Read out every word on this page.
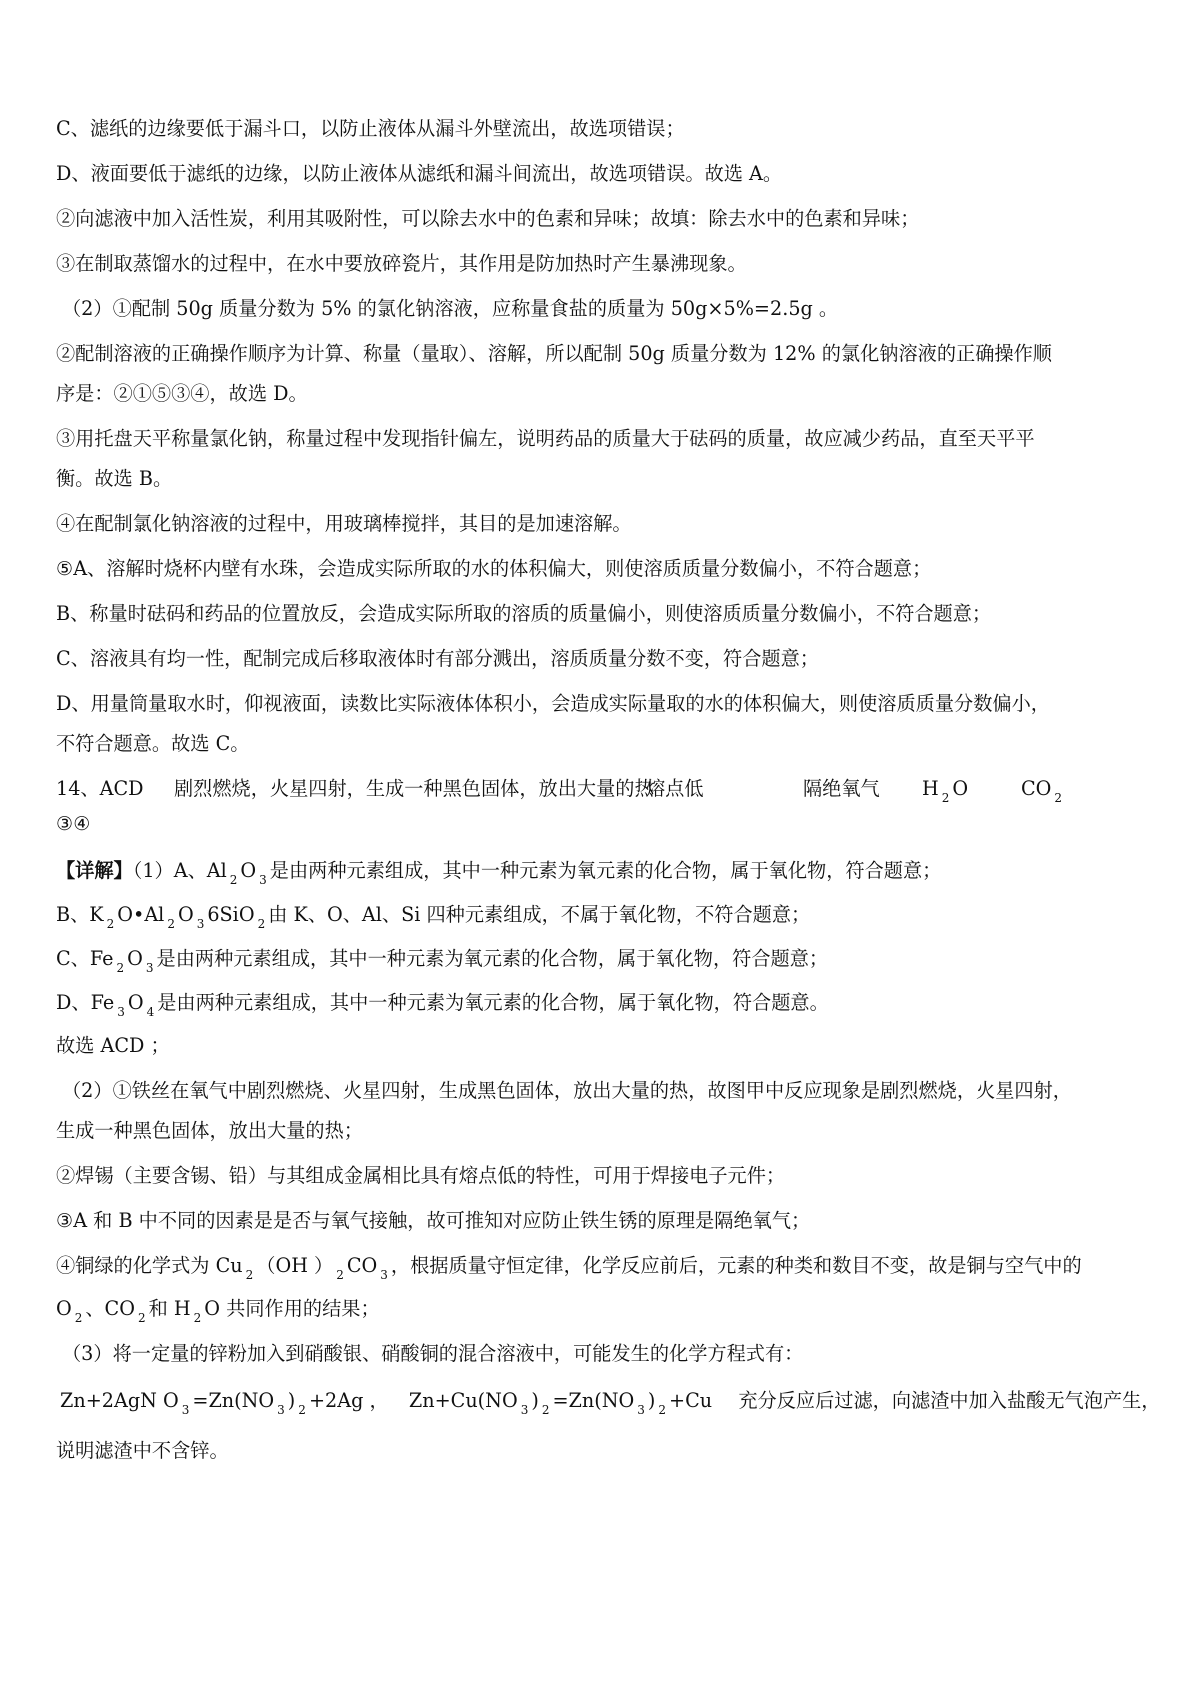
C、滤纸的边缘要低于漏斗口，以防止液体从漏斗外壁流出，故选项错误；
D、液面要低于滤纸的边缘，以防止液体从滤纸和漏斗间流出，故选项错误。故选 A。
②向滤液中加入活性炭，利用其吸附性，可以除去水中的色素和异味；故填：除去水中的色素和异味；
③在制取蒸馏水的过程中，在水中要放碎瓷片，其作用是防加热时产生暴沸现象。
（2）①配制 50g 质量分数为 5% 的氯化钠溶液，应称量食盐的质量为 50g×5%=2.5g 。
②配制溶液的正确操作顺序为计算、称量（量取）、溶解，所以配制 50g 质量分数为 12% 的氯化钠溶液的正确操作顺
序是：②①⑤③④，故选 D。
③用托盘天平称量氯化钠，称量过程中发现指针偏左，说明药品的质量大于砝码的质量，故应减少药品，直至天平平
衡。故选 B。
④在配制氯化钠溶液的过程中，用玻璃棒搅拌，其目的是加速溶解。
⑤A、溶解时烧杯内壁有水珠，会造成实际所取的水的体积偏大，则使溶质质量分数偏小，不符合题意；
B、称量时砝码和药品的位置放反，会造成实际所取的溶质的质量偏小，则使溶质质量分数偏小，不符合题意；
C、溶液具有均一性，配制完成后移取液体时有部分溅出，溶质质量分数不变，符合题意；
D、用量筒量取水时，仰视液面，读数比实际液体体积小，会造成实际量取的水的体积偏大，则使溶质质量分数偏小，
不符合题意。故选 C。
14、ACD 剧烈燃烧，火星四射，生成一种黑色固体，放出大量的热
熔点低	隔绝氧气 H $_2$ O	CO $_2$
③④
【详解】（1）A、Al $_2$ O $_3$ 是由两种元素组成，其中一种元素为氧元素的化合物，属于氧化物，符合题意；
B、K $_2$ O•Al $_2$ O $_3$ 6SiO $_2$ 由 K、O、Al、Si 四种元素组成，不属于氧化物，不符合题意；
C、Fe $_2$ O $_3$ 是由两种元素组成，其中一种元素为氧元素的化合物，属于氧化物，符合题意；
D、Fe $_3$ O $_4$ 是由两种元素组成，其中一种元素为氧元素的化合物，属于氧化物，符合题意。
故选 ACD ；
（2）①铁丝在氧气中剧烈燃烧、火星四射，生成黑色固体，放出大量的热，故图甲中反应现象是剧烈燃烧，火星四射，
生成一种黑色固体，放出大量的热；
②焊锡（主要含锡、铅）与其组成金属相比具有熔点低的特性，可用于焊接电子元件；
③A 和 B 中不同的因素是是否与氧气接触，故可推知对应防止铁生锈的原理是隔绝氧气；
④铜绿的化学式为 Cu $_2$ （OH ） $_2$ CO $_3$ ，根据质量守恒定律，化学反应前后，元素的种类和数目不变，故是铜与空气中的
O $_2$ 、CO $_2$ 和 H $_2$ O 共同作用的结果；
（3）将一定量的锌粉加入到硝酸银、硝酸铜的混合溶液中，可能发生的化学方程式有：
Zn+2AgN O $_3$ =Zn(NO $_3$ ) $_2$ +2Ag ， Zn+Cu(NO $_3$ ) $_2$ =Zn(NO $_3$ ) $_2$ +Cu 充分反应后过滤，向滤渣中加入盐酸无气泡产生，
说明滤渣中不含锌。
